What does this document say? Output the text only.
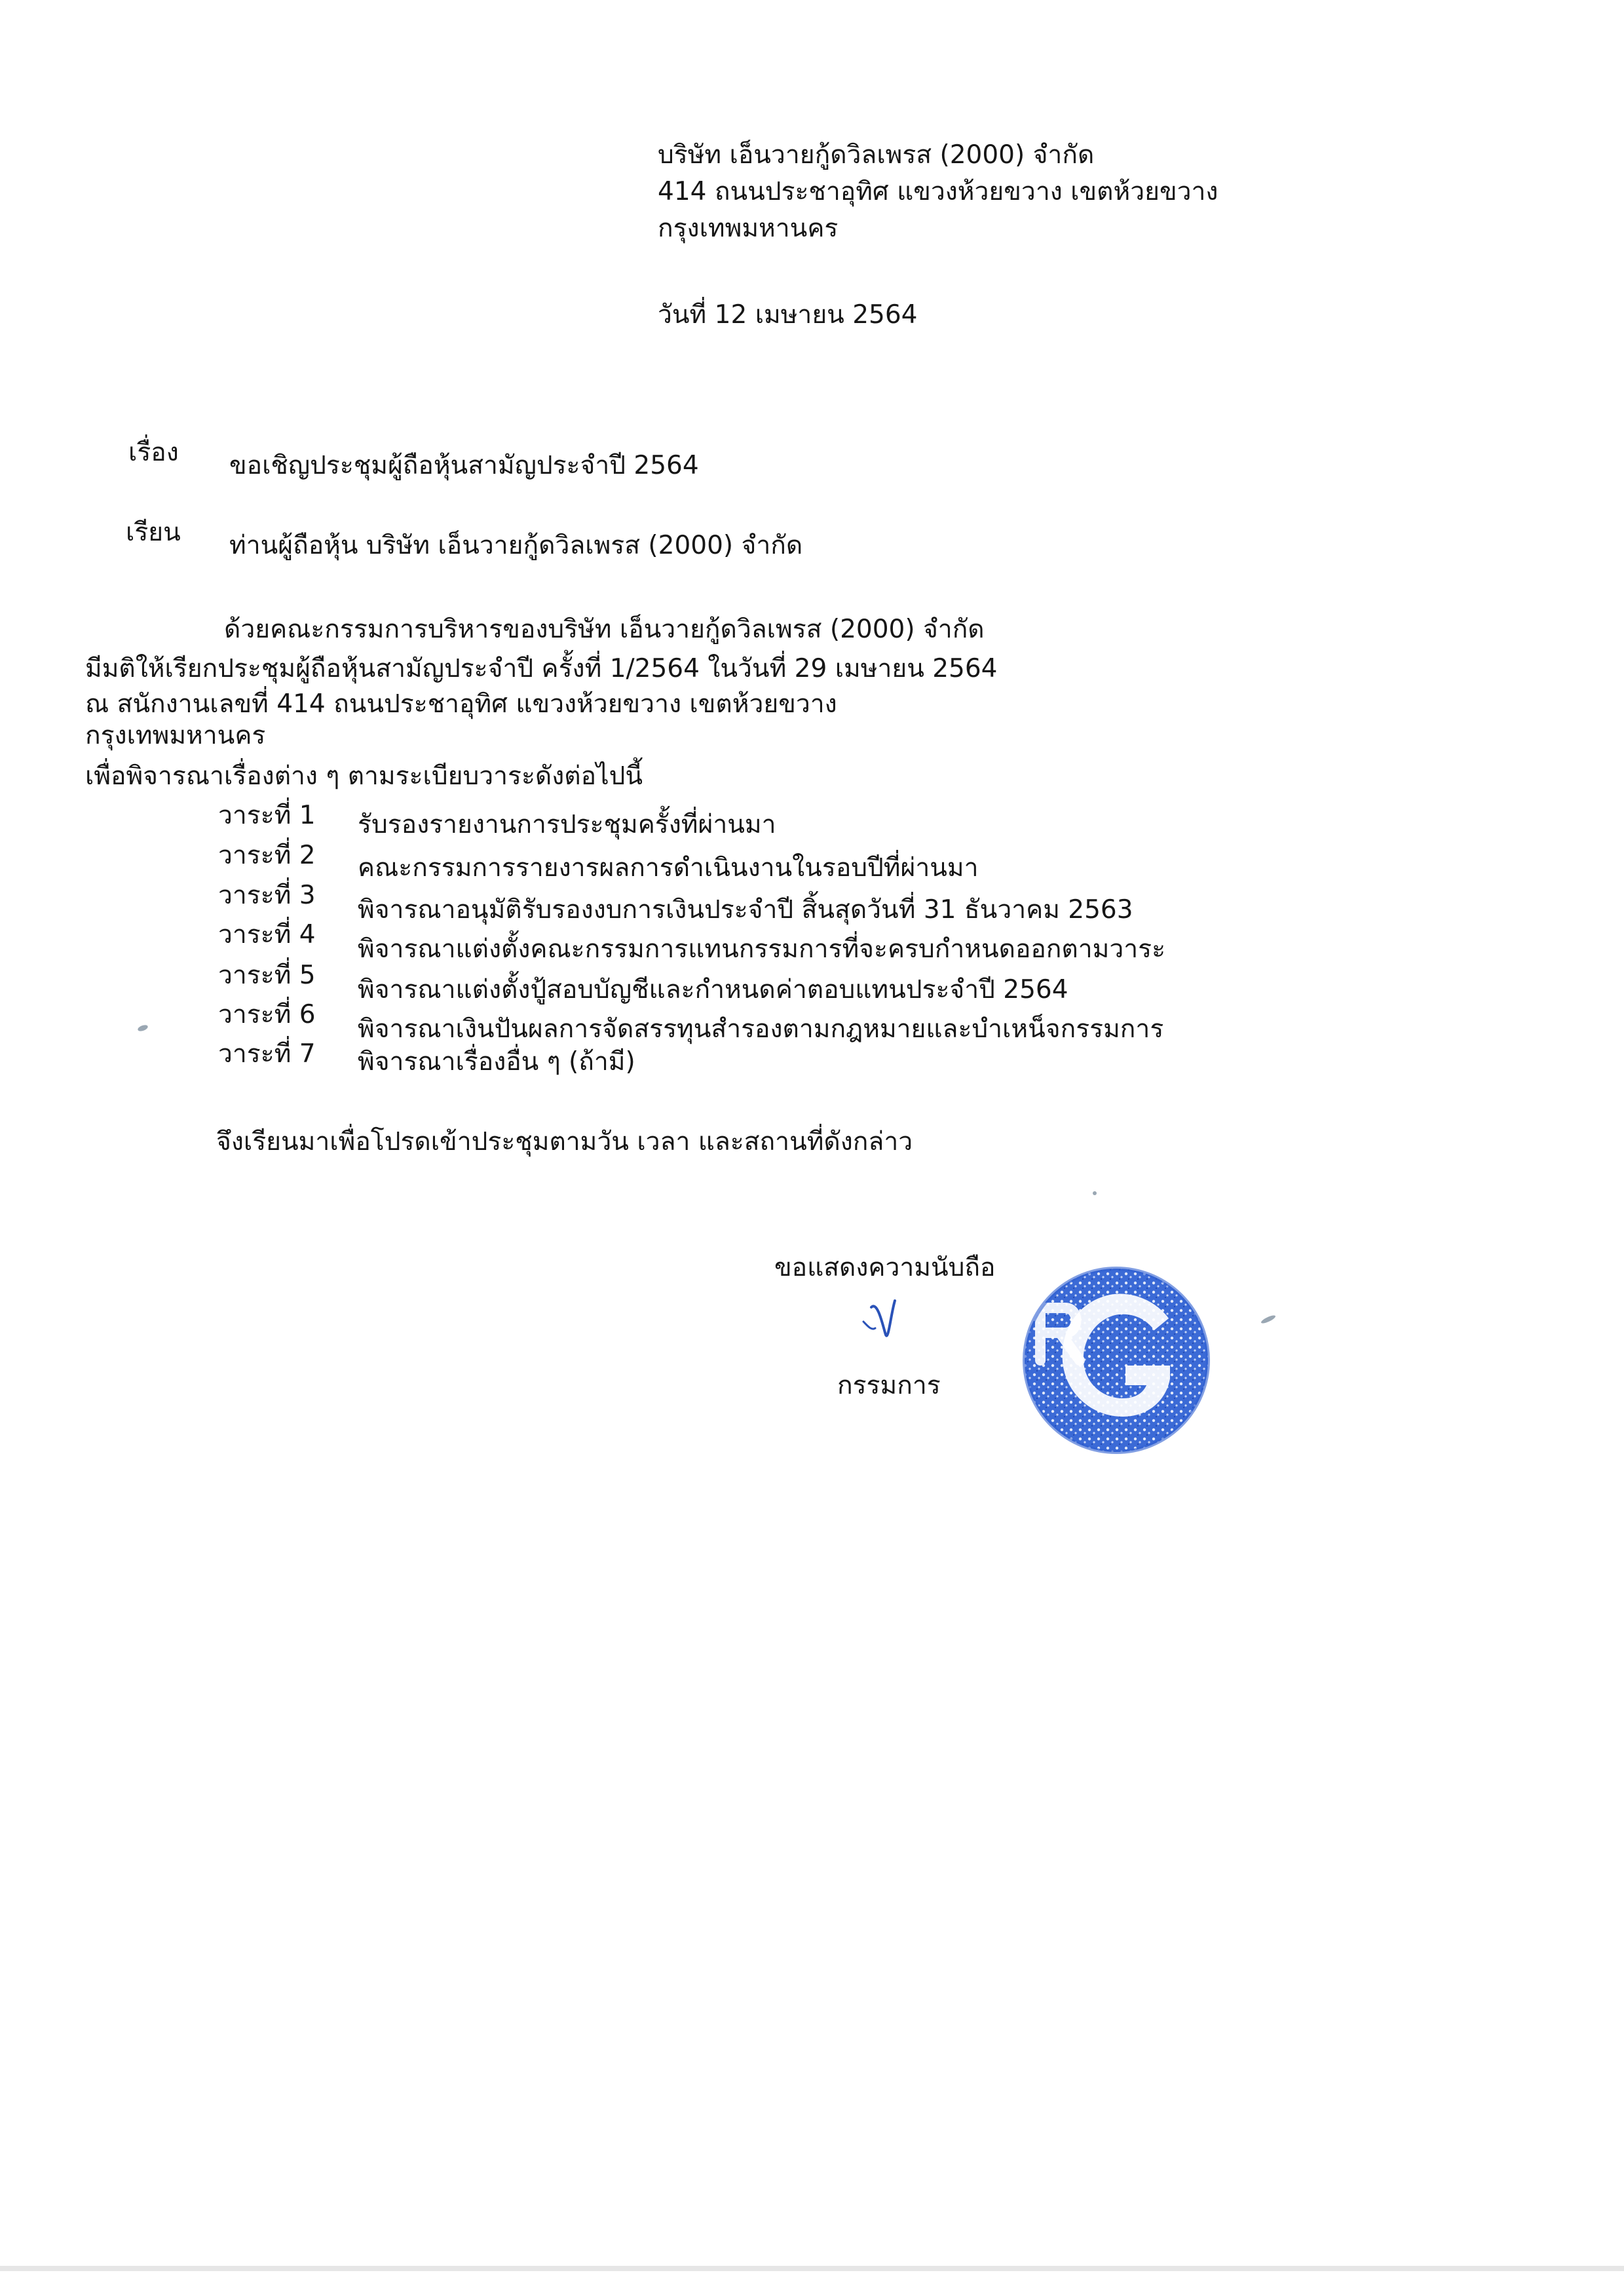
บริษัท เอ็นวายกู้ดวิลเพรส (2000) จำกัด
414 ถนนประชาอุทิศ แขวงห้วยขวาง เขตห้วยขวาง
กรุงเทพมหานคร
วันที่ 12 เมษายน 2564
เรื่อง ขอเชิญประชุมผู้ถือหุ้นสามัญประจำปี 2564
เรียน ท่านผู้ถือหุ้น บริษัท เอ็นวายกู้ดวิลเพรส (2000) จำกัด
ด้วยคณะกรรมการบริหารของบริษัท เอ็นวายกู้ดวิลเพรส (2000) จำกัด
มีมติให้เรียกประชุมผู้ถือหุ้นสามัญประจำปี ครั้งที่ 1/2564 ในวันที่ 29 เมษายน 2564
ณ สนักงานเลขที่ 414 ถนนประชาอุทิศ แขวงห้วยขวาง เขตห้วยขวาง
กรุงเทพมหานคร
เพื่อพิจารณาเรื่องต่าง ๆ ตามระเบียบวาระดังต่อไปนี้
วาระที่ 1 รับรองรายงานการประชุมครั้งที่ผ่านมา
วาระที่ 2 คณะกรรมการรายงารผลการดำเนินงานในรอบปีที่ผ่านมา
วาระที่ 3 พิจารณาอนุมัติรับรองงบการเงินประจำปี สิ้นสุดวันที่ 31 ธันวาคม 2563
วาระที่ 4 พิจารณาแต่งตั้งคณะกรรมการแทนกรรมการที่จะครบกำหนดออกตามวาระ
วาระที่ 5 พิจารณาแต่งตั้งปู้สอบบัญชีและกำหนดค่าตอบแทนประจำปี 2564
วาระที่ 6 พิจารณาเงินปันผลการจัดสรรทุนสำรองตามกฎหมายและบำเหน็จกรรมการ
วาระที่ 7 พิจารณาเรื่องอื่น ๆ (ถ้ามี)
จึงเรียนมาเพื่อโปรดเข้าประชุมตามวัน เวลา และสถานที่ดังกล่าว
ขอแสดงความนับถือ
กรรมการ
